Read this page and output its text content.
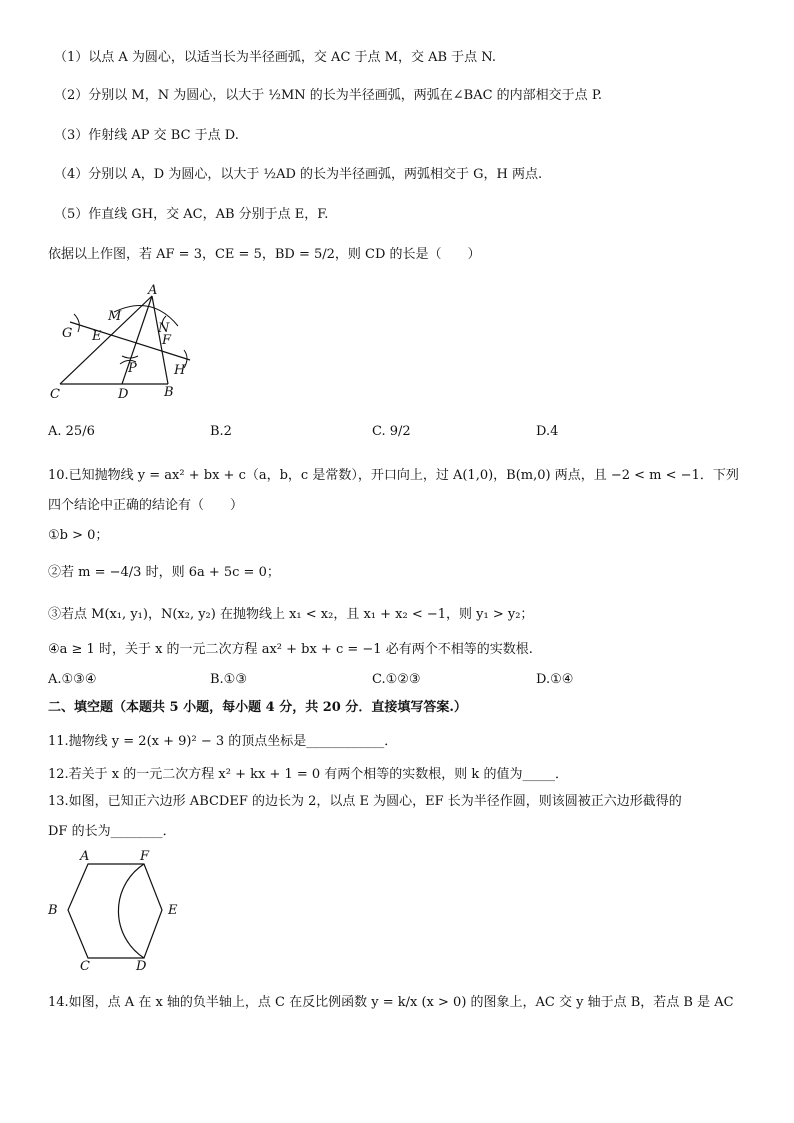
（1）以点 A 为圆心，以适当长为半径画弧，交 AC 于点 M，交 AB 于点 N.
（2）分别以 M，N 为圆心，以大于 ½MN 的长为半径画弧，两弧在∠BAC 的内部相交于点 P.
（3）作射线 AP 交 BC 于点 D.
（4）分别以 A，D 为圆心，以大于 ½AD 的长为半径画弧，两弧相交于 G，H 两点.
（5）作直线 GH，交 AC，AB 分别于点 E，F.
依据以上作图，若 AF = 3，CE = 5，BD = 5/2，则 CD 的长是（　　）
A
M
N
G E	F
H
P
C	D	B
A. 25/6	B.2	C. 9/2	D.4
10.已知抛物线 y = ax² + bx + c（a，b，c 是常数），开口向上，过 A(1,0)，B(m,0) 两点，且 −2 < m < −1．下列
四个结论中正确的结论有（　　）
①b > 0；
②若 m = −4/3 时，则 6a + 5c = 0；
③若点 M(x₁, y₁)，N(x₂, y₂) 在抛物线上 x₁ < x₂，且 x₁ + x₂ < −1，则 y₁ > y₂；
④a ≥ 1 时，关于 x 的一元二次方程 ax² + bx + c = −1 必有两个不相等的实数根.
A.①③④	B.①③	C.①②③	D.①④
二、填空题（本题共 5 小题，每小题 4 分，共 20 分．直接填写答案.）
11.抛物线 y = 2(x + 9)² − 3 的顶点坐标是____________．
12.若关于 x 的一元二次方程 x² + kx + 1 = 0 有两个相等的实数根，则 k 的值为_____．
13.如图，已知正六边形 ABCDEF 的边长为 2，以点 E 为圆心，EF 长为半径作圆，则该圆被正六边形截得的
DF 的长为________．
A	F
B	E
C	D
14.如图，点 A 在 x 轴的负半轴上，点 C 在反比例函数 y = k/x (x > 0) 的图象上，AC 交 y 轴于点 B，若点 B 是 AC
